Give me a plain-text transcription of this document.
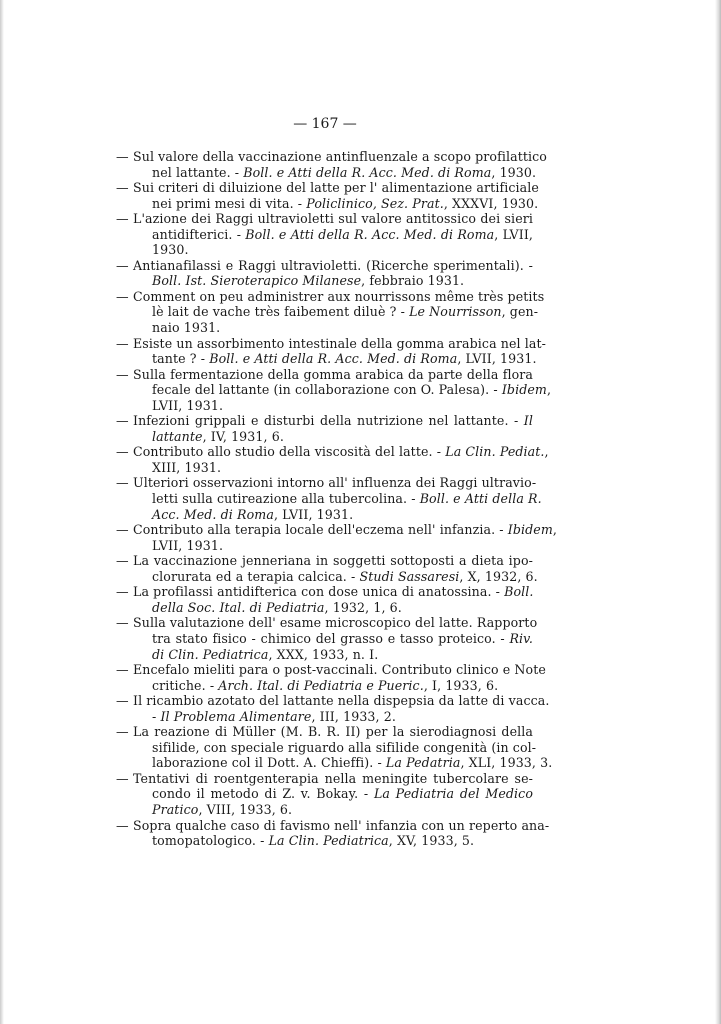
— 167 —
— Sul valore della vaccinazione antinfluenzale a scopo profilattico
nel lattante. - Boll. e Atti della R. Acc. Med. di Roma, 1930.
— Sui criteri di diluizione del latte per l' alimentazione artificiale
nei primi mesi di vita. - Policlinico, Sez. Prat., XXXVI, 1930.
— L'azione dei Raggi ultravioletti sul valore antitossico dei sieri
antidifterici. - Boll. e Atti della R. Acc. Med. di Roma, LVII,
1930.
— Antianafilassi e Raggi ultravioletti. (Ricerche sperimentali). -
Boll. Ist. Sieroterapico Milanese, febbraio 1931.
— Comment on peu administrer aux nourrissons même très petits
lè lait de vache très faibement diluè ? - Le Nourrisson, gen-
naio 1931.
— Esiste un assorbimento intestinale della gomma arabica nel lat-
tante ? - Boll. e Atti della R. Acc. Med. di Roma, LVII, 1931.
— Sulla fermentazione della gomma arabica da parte della flora
fecale del lattante (in collaborazione con O. Palesa). - Ibidem,
LVII, 1931.
— Infezioni grippali e disturbi della nutrizione nel lattante. - Il
lattante, IV, 1931, 6.
— Contributo allo studio della viscosità del latte. - La Clin. Pediat.,
XIII, 1931.
— Ulteriori osservazioni intorno all' influenza dei Raggi ultravio-
letti sulla cutireazione alla tubercolina. - Boll. e Atti della R.
Acc. Med. di Roma, LVII, 1931.
— Contributo alla terapia locale dell'eczema nell' infanzia. - Ibidem,
LVII, 1931.
— La vaccinazione jenneriana in soggetti sottoposti a dieta ipo-
clorurata ed a terapia calcica. - Studi Sassaresi, X, 1932, 6.
— La profilassi antidifterica con dose unica di anatossina. - Boll.
della Soc. Ital. di Pediatria, 1932, 1, 6.
— Sulla valutazione dell' esame microscopico del latte. Rapporto
tra stato fisico - chimico del grasso e tasso proteico. - Riv.
di Clin. Pediatrica, XXX, 1933, n. I.
— Encefalo mieliti para o post-vaccinali. Contributo clinico e Note
critiche. - Arch. Ital. di Pediatria e Pueric., I, 1933, 6.
— Il ricambio azotato del lattante nella dispepsia da latte di vacca.
- Il Problema Alimentare, III, 1933, 2.
— La reazione di Müller (M. B. R. II) per la sierodiagnosi della
sifilide, con speciale riguardo alla sifilide congenità (in col-
laborazione col il Dott. A. Chieffi). - La Pedatria, XLI, 1933, 3.
— Tentativi di roentgenterapia nella meningite tubercolare se-
condo il metodo di Z. v. Bokay. - La Pediatria del Medico
Pratico, VIII, 1933, 6.
— Sopra qualche caso di favismo nell' infanzia con un reperto ana-
tomopatologico. - La Clin. Pediatrica, XV, 1933, 5.
